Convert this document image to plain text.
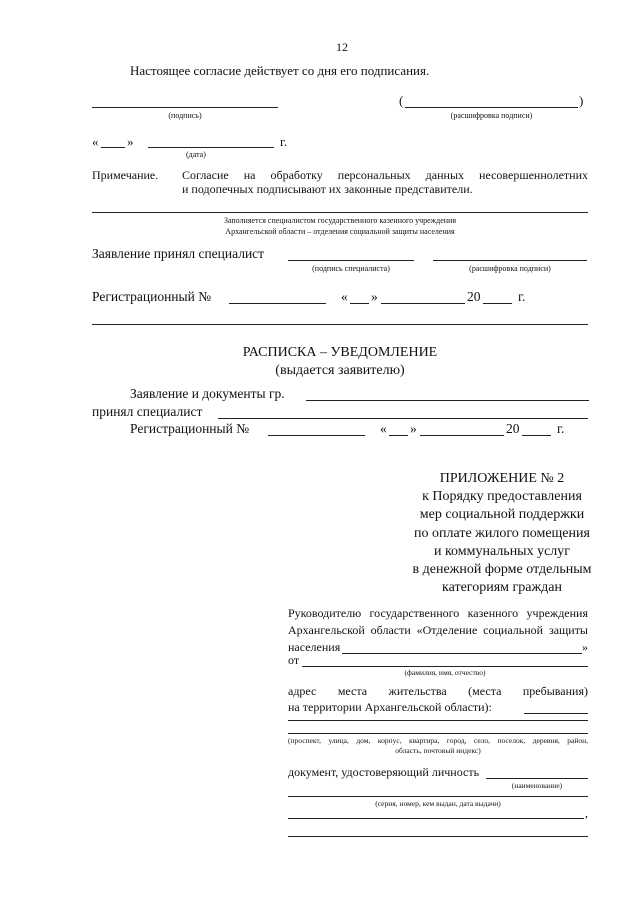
12
Настоящее согласие действует со дня его подписания.
(подпись)
(	)
(расшифровка подписи)
« »	г.
(дата)
Примечание. Согласие на обработку персональных данных несовершеннолетних
и подопечных подписывают их законные представители.
Заполняется специалистом государственного казенного учреждения
Архангельской области – отделения социальной защиты населения
Заявление принял специалист
(подпись специалиста)	(расшифровка подписи)
Регистрационный №	« »	20	г.
РАСПИСКА – УВЕДОМЛЕНИЕ
(выдается заявителю)
Заявление и документы гр.
принял специалист
Регистрационный №	« »	20	г.
ПРИЛОЖЕНИЕ № 2
к Порядку предоставления
мер социальной поддержки
по оплате жилого помещения
и коммунальных услуг
в денежной форме отдельным
категориям граждан
Руководителю государственного казенного учреждения
Архангельской области «Отделение социальной защиты
населения	»
от
(фамилия, имя, отчество)
адрес места жительства (места пребывания)
на территории Архангельской области):
(проспект, улица, дом, корпус, квартира, город, село, поселок, деревня, район,
область, почтовый индекс)
документ, удостоверяющий личность
(наименование)
(серия, номер, кем выдан, дата выдачи)
,
